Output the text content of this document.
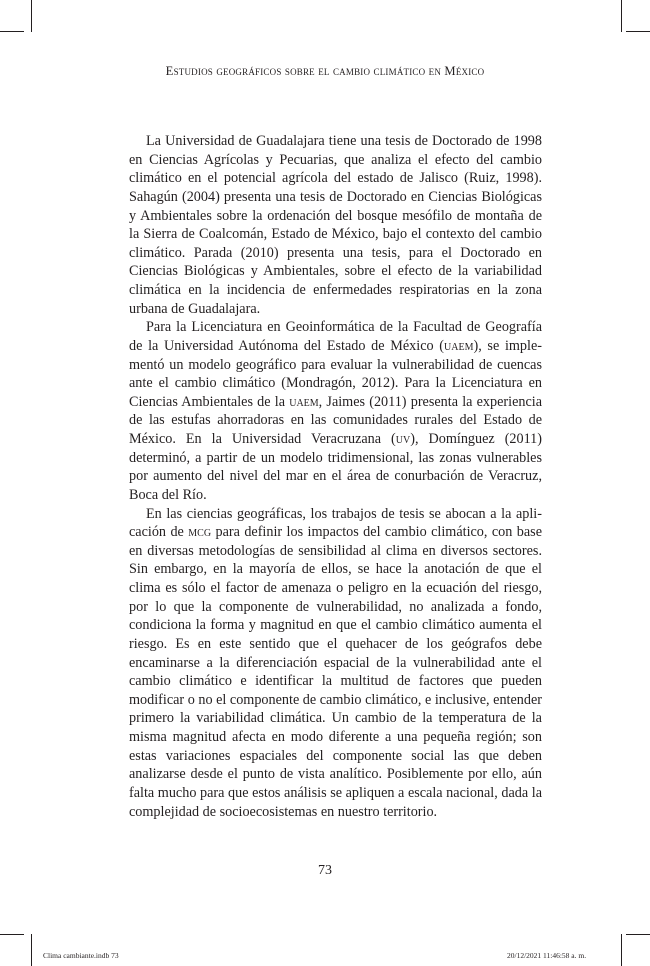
Estudios geográficos sobre el cambio climático en México

La Universidad de Guadalajara tiene una tesis de Doctorado de 1998 en Ciencias Agrícolas y Pecuarias, que analiza el efecto del cambio climático en el potencial agrícola del estado de Jalisco (Ruiz, 1998). Sahagún (2004) presenta una tesis de Doctorado en Ciencias Biológicas y Ambientales sobre la ordenación del bosque mesófilo de montaña de la Sierra de Coalcomán, Estado de México, bajo el contexto del cambio climático. Parada (2010) presenta una tesis, para el Doctorado en Ciencias Biológicas y Ambientales, sobre el efecto de la variabilidad climática en la incidencia de enfermedades respiratorias en la zona urbana de Guadalajara.

Para la Licenciatura en Geoinformática de la Facultad de Geografía de la Universidad Autónoma del Estado de México (uaem), se implementó un modelo geográfico para evaluar la vulnerabilidad de cuencas ante el cambio climático (Mondragón, 2012). Para la Licenciatura en Ciencias Ambientales de la uaem, Jaimes (2011) presenta la experiencia de las estufas ahorradoras en las comunidades rurales del Estado de México. En la Universidad Veracruzana (uv), Domínguez (2011) determinó, a partir de un modelo tridimensional, las zonas vulnerables por aumento del nivel del mar en el área de conurbación de Veracruz, Boca del Río.

En las ciencias geográficas, los trabajos de tesis se abocan a la aplicación de mcg para definir los impactos del cambio climático, con base en diversas metodologías de sensibilidad al clima en diversos sectores. Sin embargo, en la mayoría de ellos, se hace la anotación de que el clima es sólo el factor de amenaza o peligro en la ecuación del riesgo, por lo que la componente de vulnerabilidad, no analizada a fondo, condiciona la forma y magnitud en que el cambio climático aumenta el riesgo. Es en este sentido que el quehacer de los geógrafos debe encaminarse a la diferenciación espacial de la vulnerabilidad ante el cambio climático e identificar la multitud de factores que pueden modificar o no el componente de cambio climático, e inclusive, entender primero la variabilidad climática. Un cambio de la temperatura de la misma magnitud afecta en modo diferente a una pequeña región; son estas variaciones espaciales del componente social las que deben analizarse desde el punto de vista analítico. Posiblemente por ello, aún falta mucho para que estos análisis se apliquen a escala nacional, dada la complejidad de socioecosistemas en nuestro territorio.

73
Clima cambiante.indb 73	20/12/2021 11:46:58 a. m.
